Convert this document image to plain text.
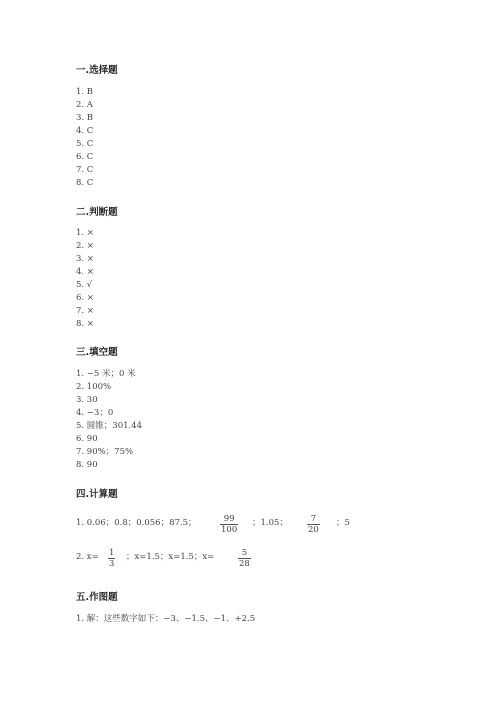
一.选择题
1. B
2. A
3. B
4. C
5. C
6. C
7. C
8. C
二.判断题
1. ×
2. ×
3. ×
4. ×
5. √
6. ×
7. ×
8. ×
三.填空题
1. −5 米；0 米
2. 100%
3. 30
4. −3；0
5. 圆锥；301.44
6. 90
7. 90%；75%
8. 90
四.计算题
1. 0.06；0.8；0.056；87.5；	99
100
；1.05；	7
20
；5
2. x= 1
3
；x=1.5；x=1.5；x=	5
28
五.作图题
1. 解：这些数字如下：−3、−1.5、−1、+2.5
